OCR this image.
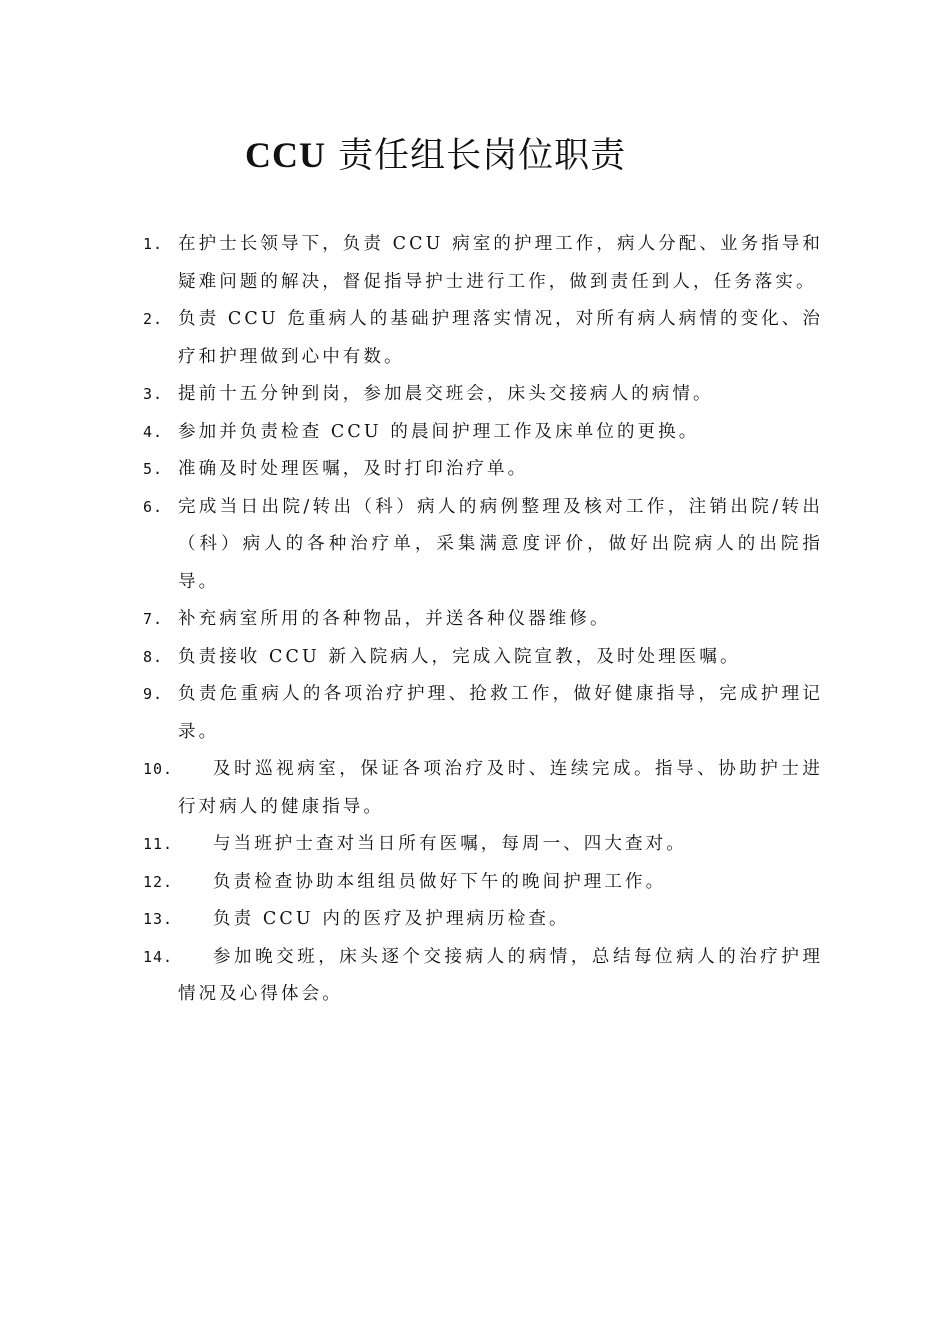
CCU 责任组长岗位职责
1. 在护士长领导下，负责 CCU 病室的护理工作，病人分配、业务指导和疑难问题的解决，督促指导护士进行工作，做到责任到人，任务落实。
2. 负责 CCU 危重病人的基础护理落实情况，对所有病人病情的变化、治疗和护理做到心中有数。
3. 提前十五分钟到岗，参加晨交班会，床头交接病人的病情。
4. 参加并负责检查 CCU 的晨间护理工作及床单位的更换。
5. 准确及时处理医嘱，及时打印治疗单。
6. 完成当日出院/转出（科）病人的病例整理及核对工作，注销出院/转出（科）病人的各种治疗单，采集满意度评价，做好出院病人的出院指导。
7. 补充病室所用的各种物品，并送各种仪器维修。
8. 负责接收 CCU 新入院病人，完成入院宣教，及时处理医嘱。
9. 负责危重病人的各项治疗护理、抢救工作，做好健康指导，完成护理记录。
10.	及时巡视病室，保证各项治疗及时、连续完成。指导、协助护士进行对病人的健康指导。
11.	与当班护士查对当日所有医嘱，每周一、四大查对。
12.	负责检查协助本组组员做好下午的晚间护理工作。
13.	负责 CCU 内的医疗及护理病历检查。
14.	参加晚交班，床头逐个交接病人的病情，总结每位病人的治疗护理情况及心得体会。
